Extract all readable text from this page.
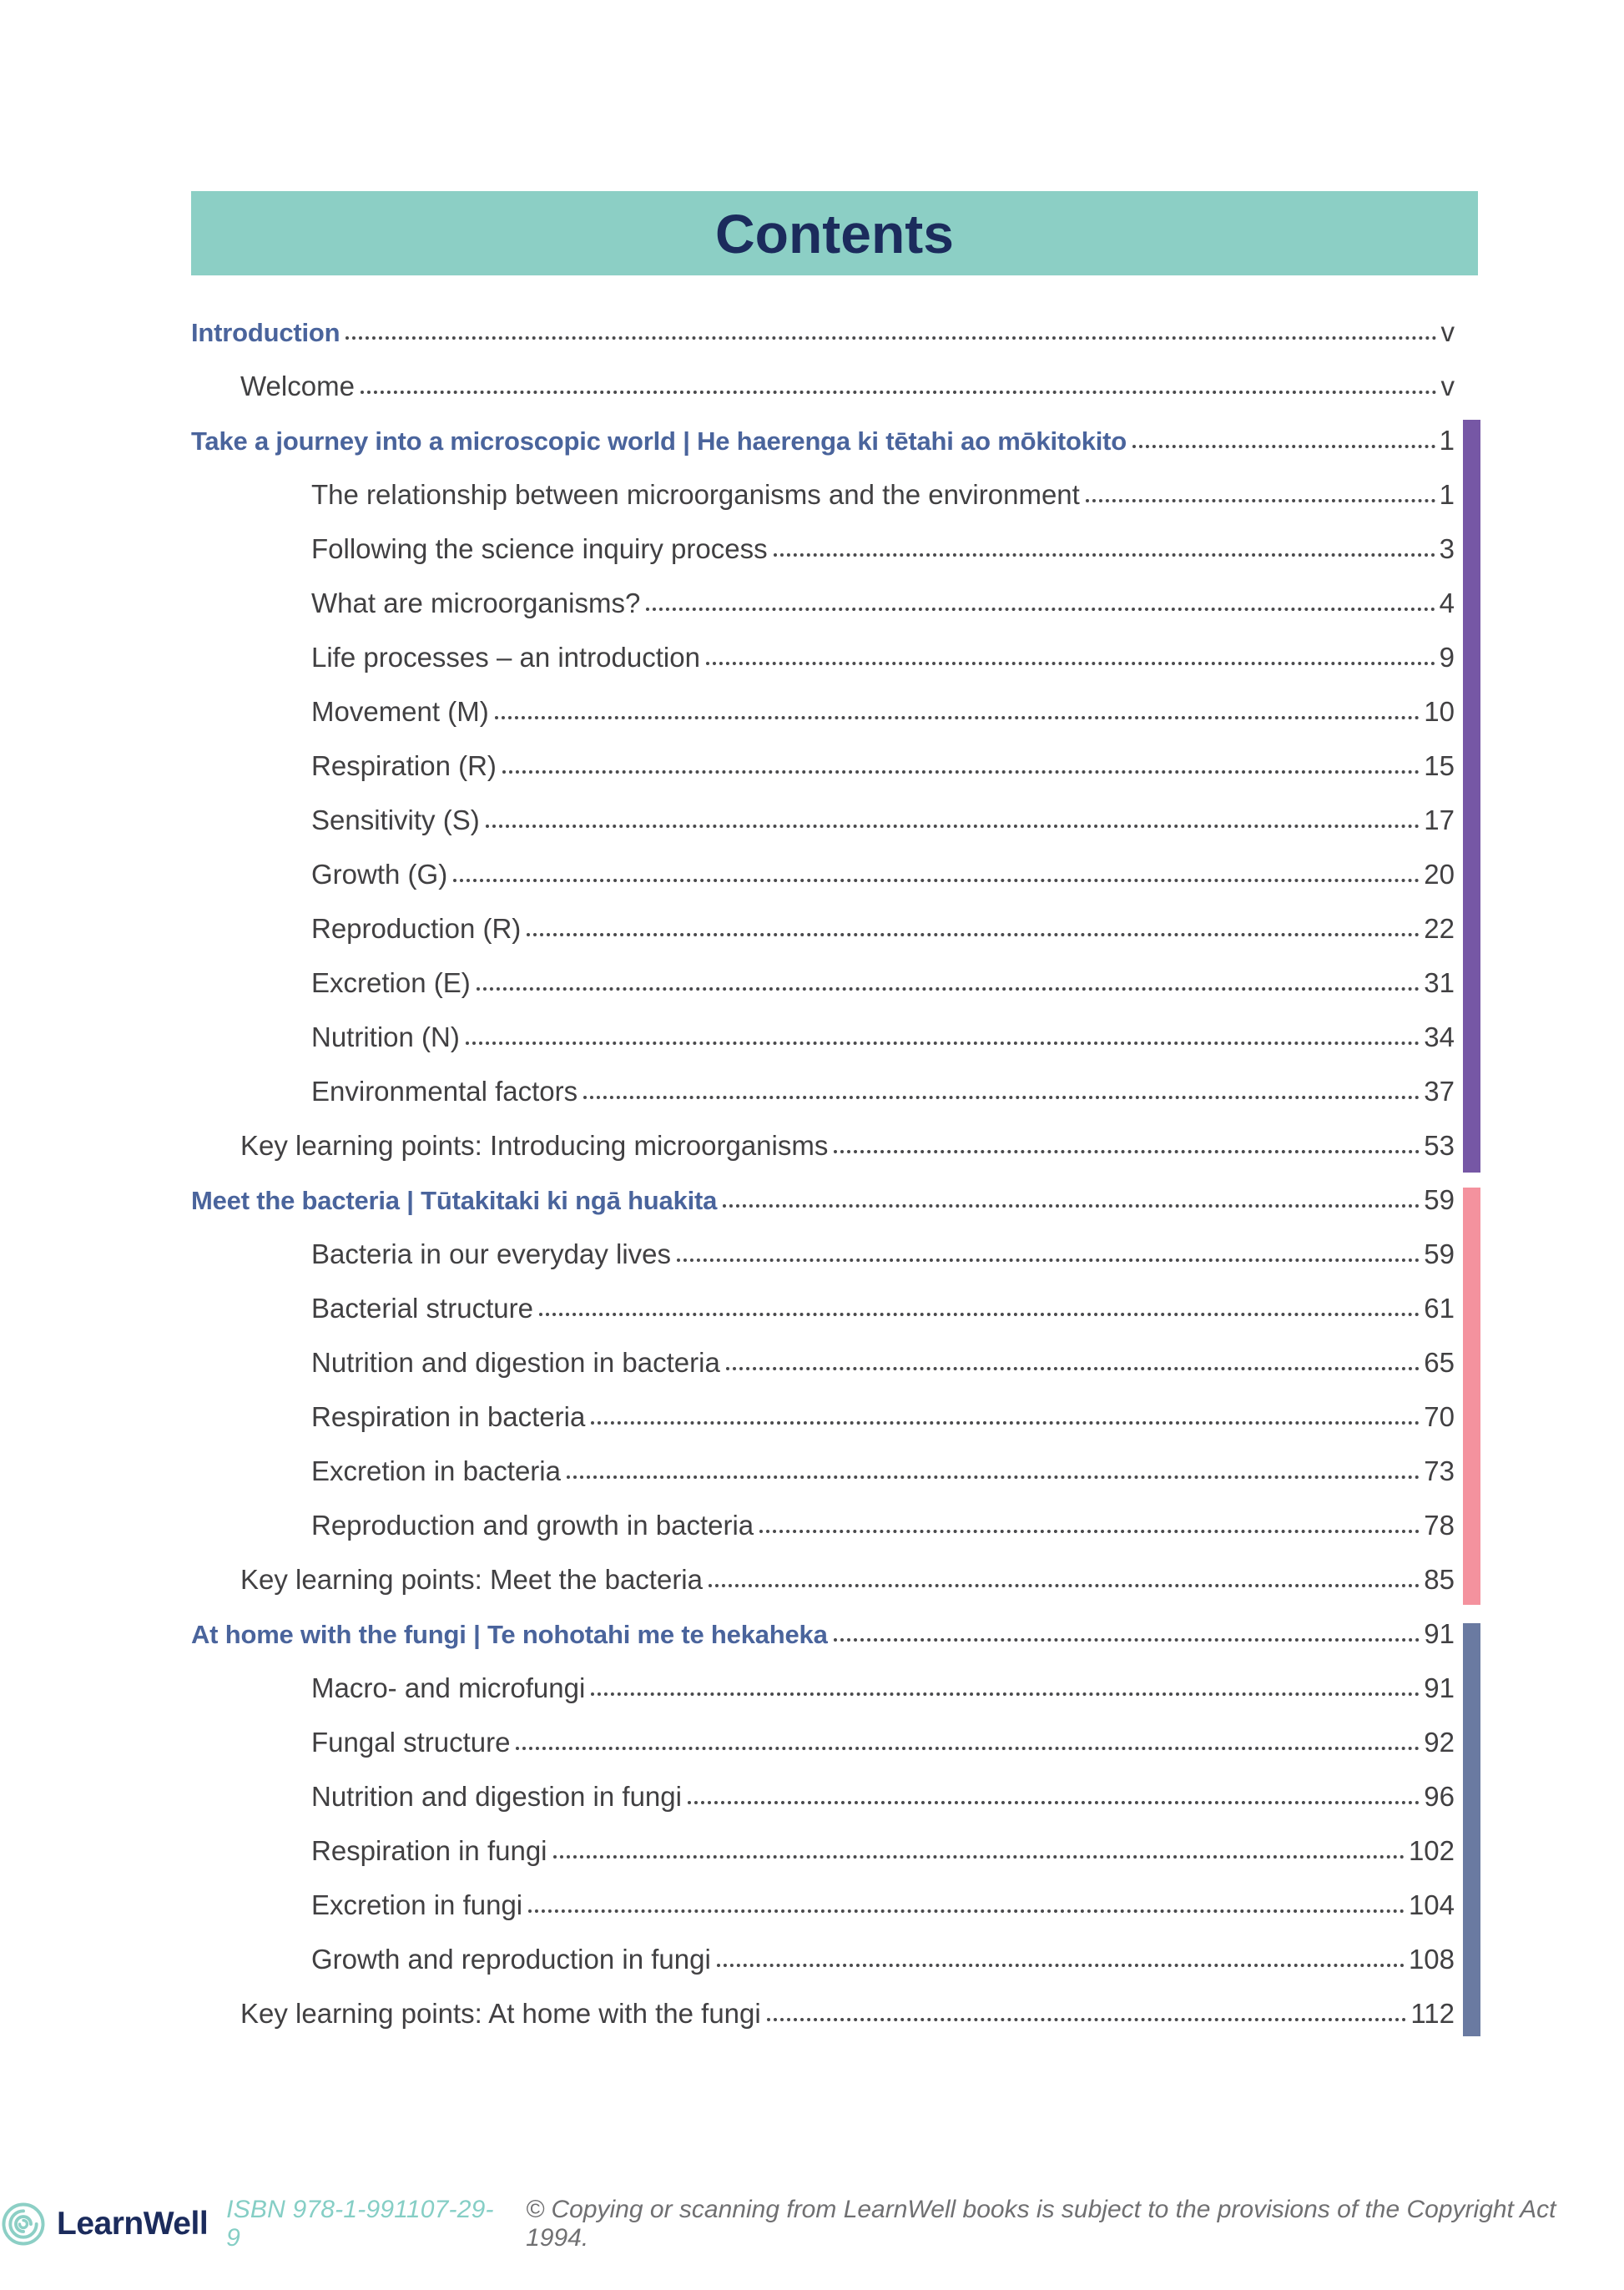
Contents
Introduction	v
Welcome	v
Take a journey into a microscopic world | He haerenga ki tētahi ao mōkitokito	1
The relationship between microorganisms and the environment	1
Following the science inquiry process	3
What are microorganisms?	4
Life processes – an introduction	9
Movement (M)	10
Respiration (R)	15
Sensitivity (S)	17
Growth (G)	20
Reproduction (R)	22
Excretion (E)	31
Nutrition (N)	34
Environmental factors	37
Key learning points: Introducing microorganisms	53
Meet the bacteria | Tūtakitaki ki ngā huakita	59
Bacteria in our everyday lives	59
Bacterial structure	61
Nutrition and digestion in bacteria	65
Respiration in bacteria	70
Excretion in bacteria	73
Reproduction and growth in bacteria	78
Key learning points: Meet the bacteria	85
At home with the fungi | Te nohotahi me te hekaheka	91
Macro- and microfungi	91
Fungal structure	92
Nutrition and digestion in fungi	96
Respiration in fungi	102
Excretion in fungi	104
Growth and reproduction in fungi	108
Key learning points: At home with the fungi	112
LearnWell ISBN 978-1-991107-29-9
© Copying or scanning from LearnWell books is subject to the provisions of the Copyright Act 1994.
